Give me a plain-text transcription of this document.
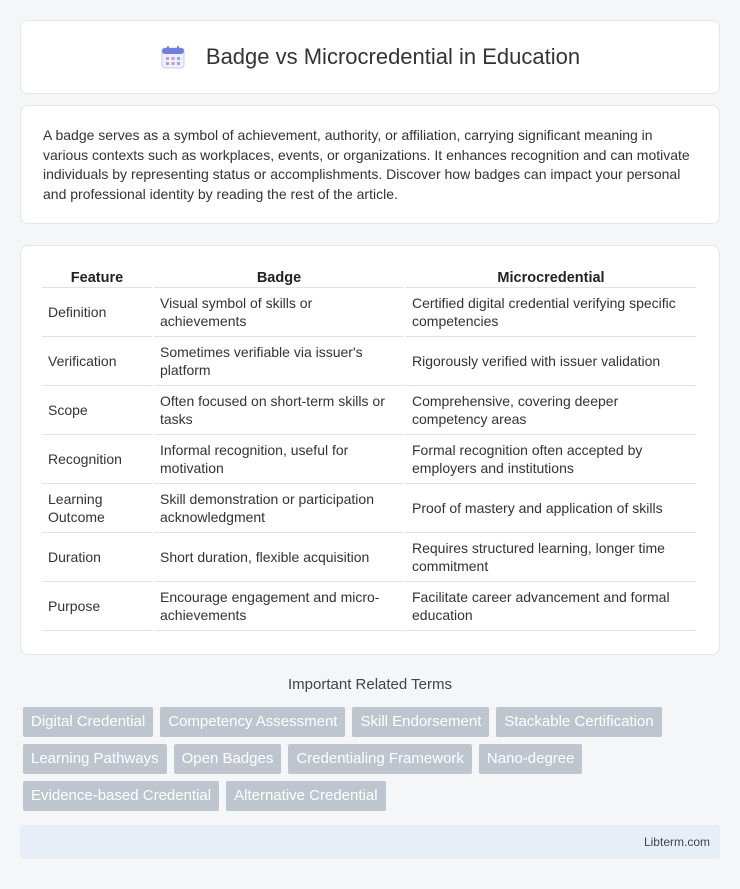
Badge vs Microcredential in Education

A badge serves as a symbol of achievement, authority, or affiliation, carrying significant meaning in various contexts such as workplaces, events, or organizations. It enhances recognition and can motivate individuals by representing status or accomplishments. Discover how badges can impact your personal and professional identity by reading the rest of the article.

Feature	Badge	Microcredential
Definition	Visual symbol of skills or achievements	Certified digital credential verifying specific competencies
Verification	Sometimes verifiable via issuer's platform	Rigorously verified with issuer validation
Scope	Often focused on short-term skills or tasks	Comprehensive, covering deeper competency areas
Recognition	Informal recognition, useful for motivation	Formal recognition often accepted by employers and institutions
Learning Outcome	Skill demonstration or participation acknowledgment	Proof of mastery and application of skills
Duration	Short duration, flexible acquisition	Requires structured learning, longer time commitment
Purpose	Encourage engagement and micro-achievements	Facilitate career advancement and formal education
Important Related Terms
Digital Credential	Competency Assessment	Skill Endorsement	Stackable Certification
Learning Pathways	Open Badges	Credentialing Framework	Nano-degree
Evidence-based Credential	Alternative Credential
Libterm.com
